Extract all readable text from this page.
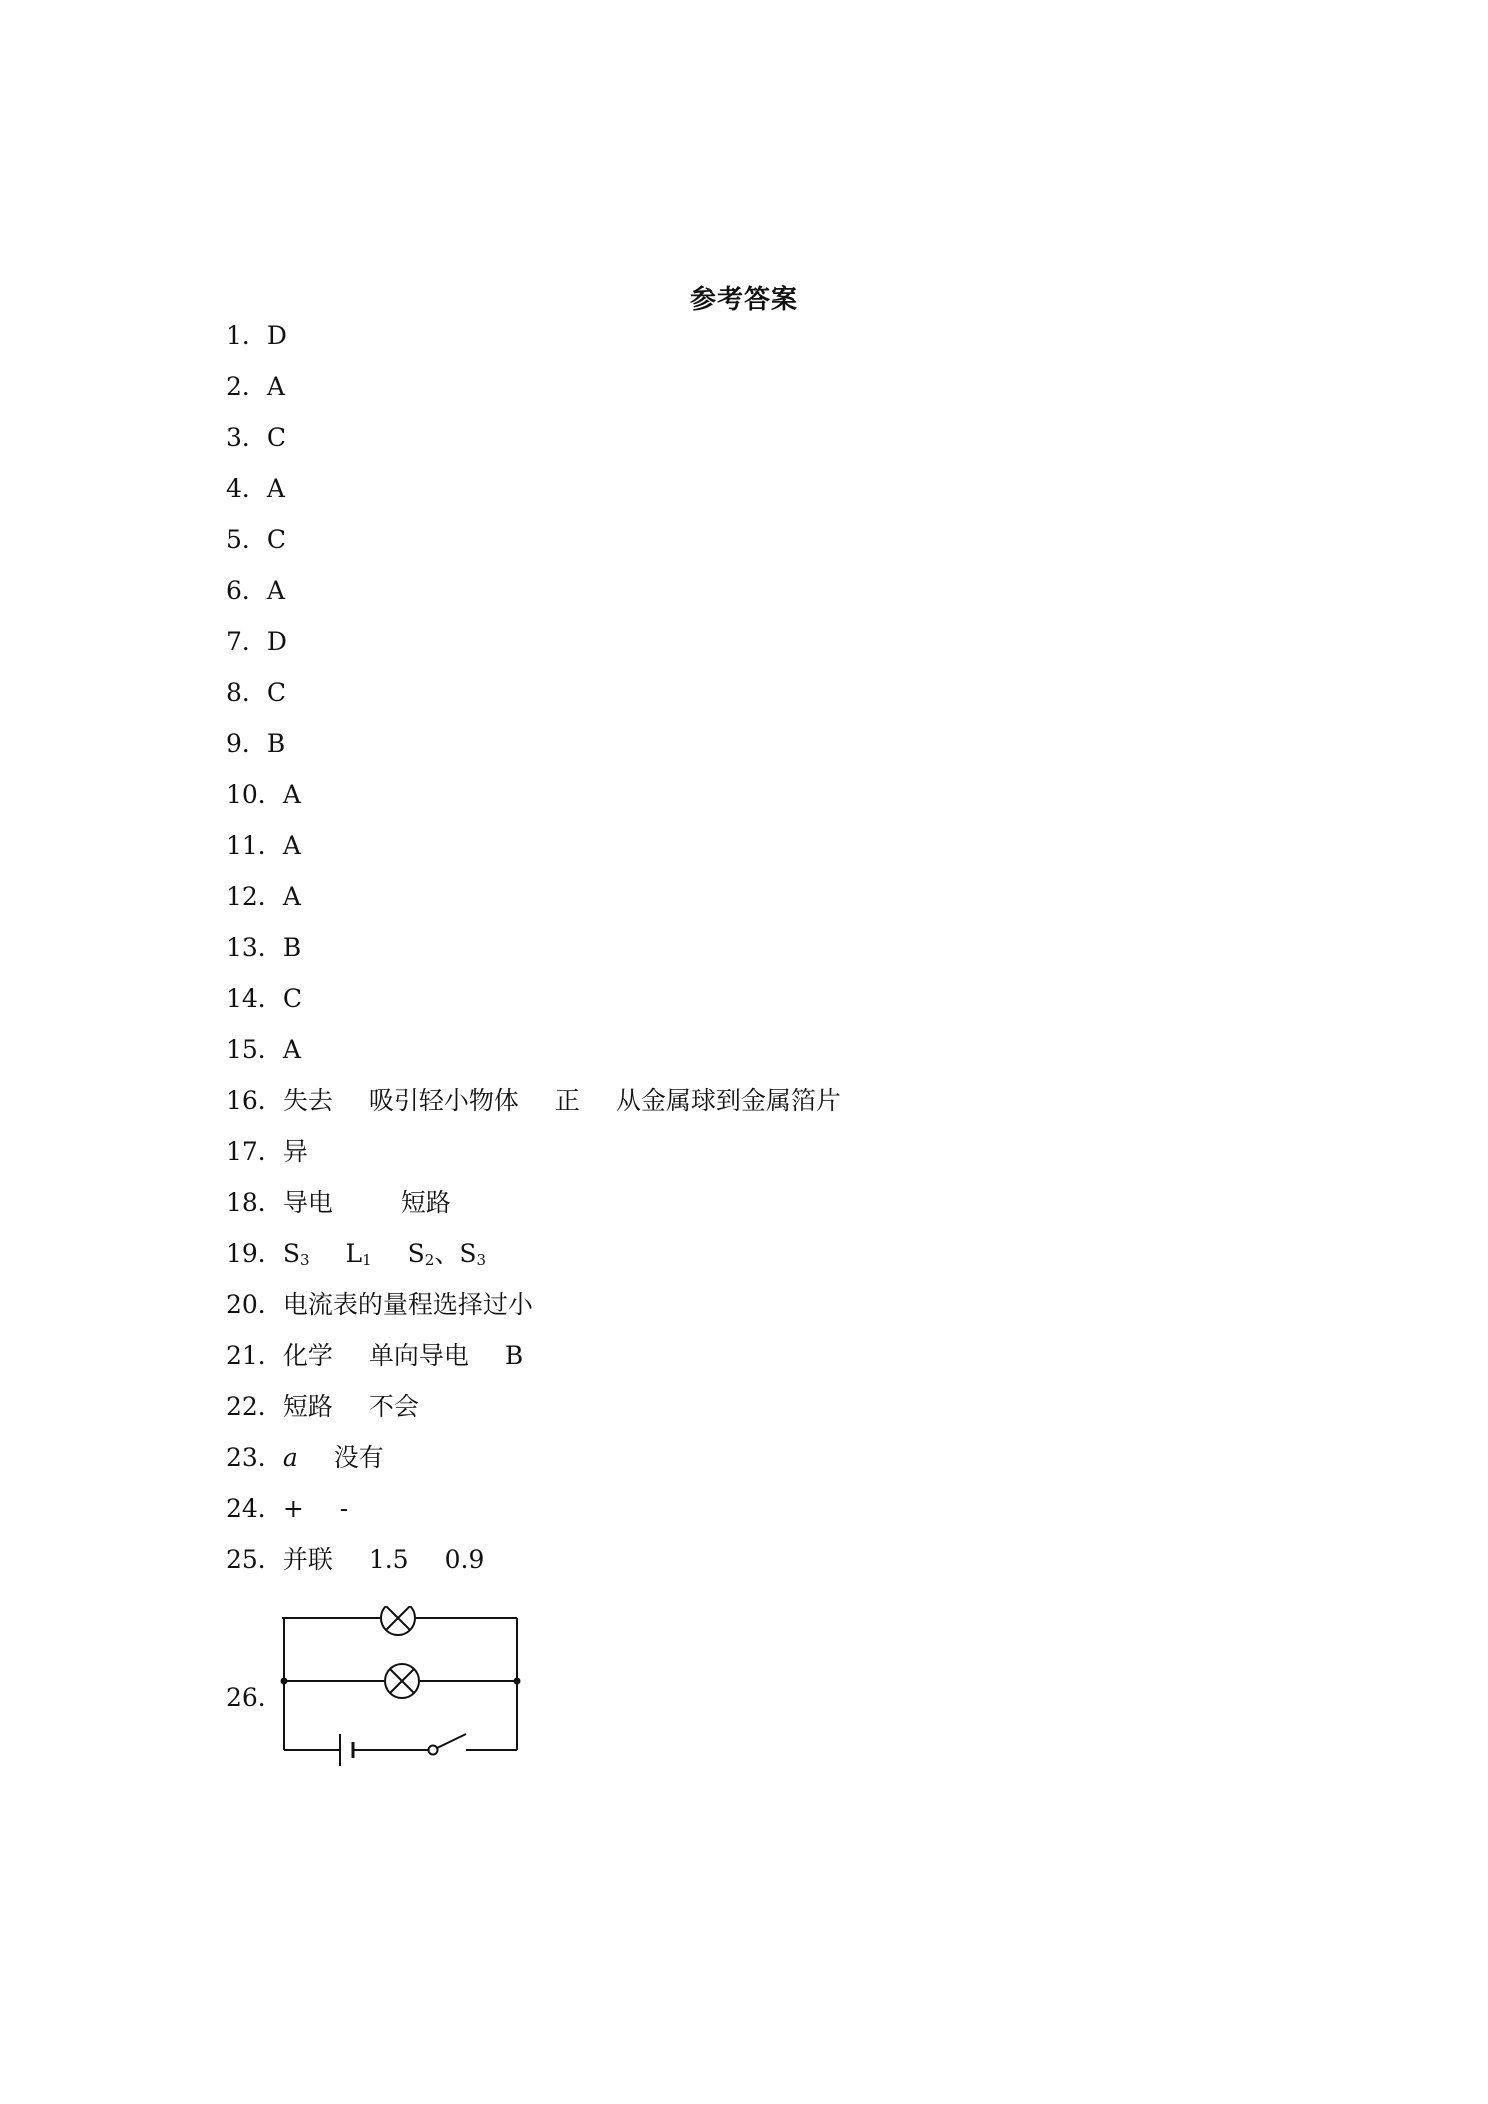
参考答案
1．D
2．A
3．C
4．A
5．C
6．A
7．D
8．C
9．B
10．A
11．A
12．A
13．B
14．C
15．A
16．失去 吸引轻小物体 正 从金属球到金属箔片
17．异
18．导电	短路
19．$S_3$ $L_1$ $S_2$、$S_3$
20．电流表的量程选择过小
21．化学 单向导电 B
22．短路 不会
23．a 没有
24．+ -
25．并联 1.5 0.9
26．
